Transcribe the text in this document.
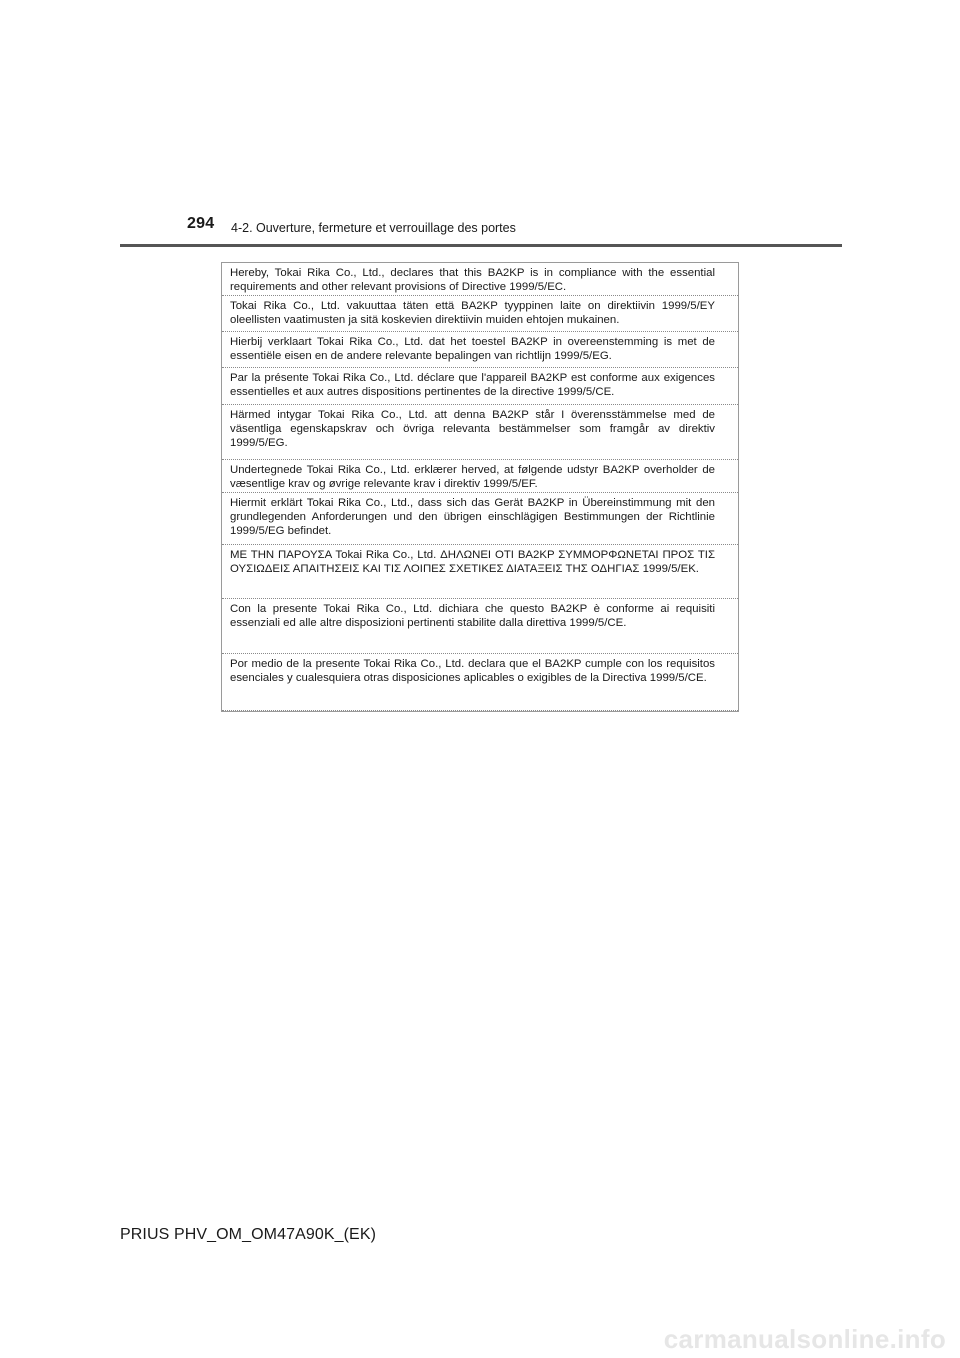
294 4-2. Ouverture, fermeture et verrouillage des portes
Hereby, Tokai Rika Co., Ltd., declares that this BA2KP is in compliance with the essential requirements and other relevant provisions of Directive 1999/5/EC.
Tokai Rika Co., Ltd. vakuuttaa täten että BA2KP tyyppinen laite on direktiivin 1999/5/EY oleellisten vaatimusten ja sitä koskevien direktiivin muiden ehtojen mukainen.
Hierbij verklaart Tokai Rika Co., Ltd. dat het toestel BA2KP in overeenstemming is met de essentiële eisen en de andere relevante bepalingen van richtlijn 1999/5/EG.
Par la présente Tokai Rika Co., Ltd. déclare que l'appareil BA2KP est conforme aux exigences essentielles et aux autres dispositions pertinentes de la directive 1999/5/CE.
Härmed intygar Tokai Rika Co., Ltd. att denna BA2KP står I överensstämmelse med de väsentliga egenskapskrav och övriga relevanta bestämmelser som framgår av direktiv 1999/5/EG.
Undertegnede Tokai Rika Co., Ltd. erklærer herved, at følgende udstyr BA2KP overholder de væsentlige krav og øvrige relevante krav i direktiv 1999/5/EF.
Hiermit erklärt Tokai Rika Co., Ltd., dass sich das Gerät BA2KP in Übereinstimmung mit den grundlegenden Anforderungen und den übrigen einschlägigen Bestimmungen der Richtlinie 1999/5/EG befindet.
ΜΕ ΤΗΝ ΠΑΡΟΥΣΑ Tokai Rika Co., Ltd. ΔΗΛΩΝΕΙ ΟΤΙ BA2KP ΣΥΜΜΟΡΦΩΝΕΤΑΙ ΠΡΟΣ ΤΙΣ ΟΥΣΙΩΔΕΙΣ ΑΠΑΙΤΗΣΕΙΣ ΚΑΙ ΤΙΣ ΛΟΙΠΕΣ ΣΧΕΤΙΚΕΣ ΔΙΑΤΑΞΕΙΣ ΤΗΣ ΟΔΗΓΙΑΣ 1999/5/ΕΚ.
Con la presente Tokai Rika Co., Ltd. dichiara che questo BA2KP è conforme ai requisiti essenziali ed alle altre disposizioni pertinenti stabilite dalla direttiva 1999/5/CE.
Por medio de la presente Tokai Rika Co., Ltd. declara que el BA2KP cumple con los requisitos esenciales y cualesquiera otras disposiciones aplicables o exigibles de la Directiva 1999/5/CE.
PRIUS PHV_OM_OM47A90K_(EK)
carmanualsonline.info
